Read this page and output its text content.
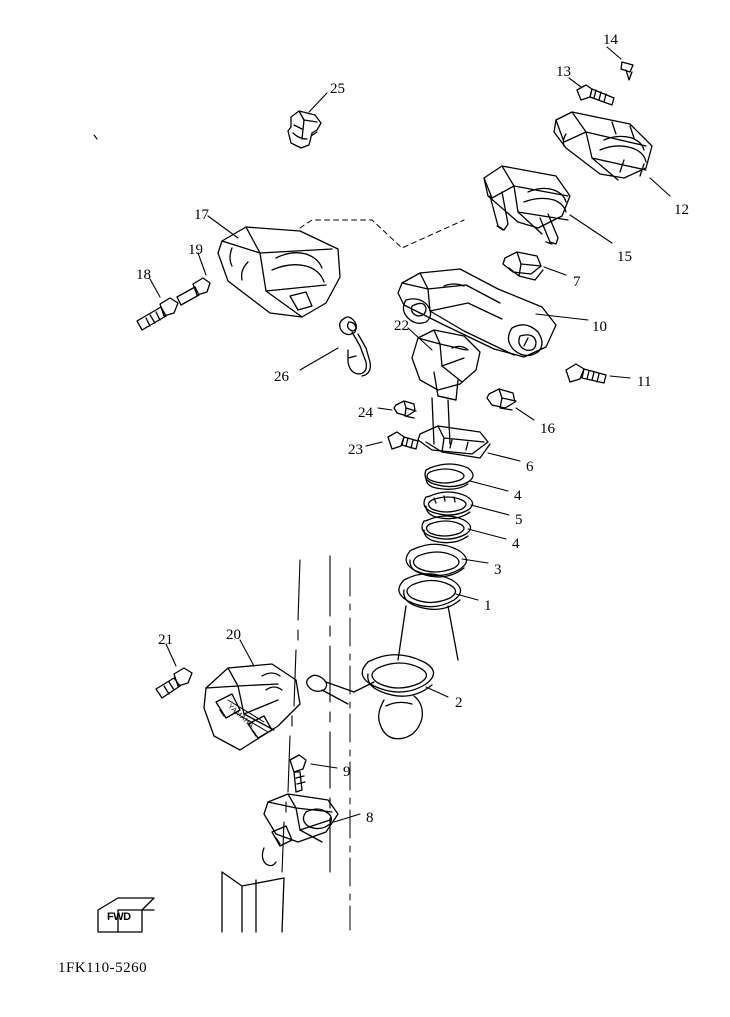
FWD
YAMAHA
1FK110-5260
14
13
25
12
17
15
19
7
18
10
22
26	11
24
16
23
6
4
5
4
3
1
21	20
2
9
8
